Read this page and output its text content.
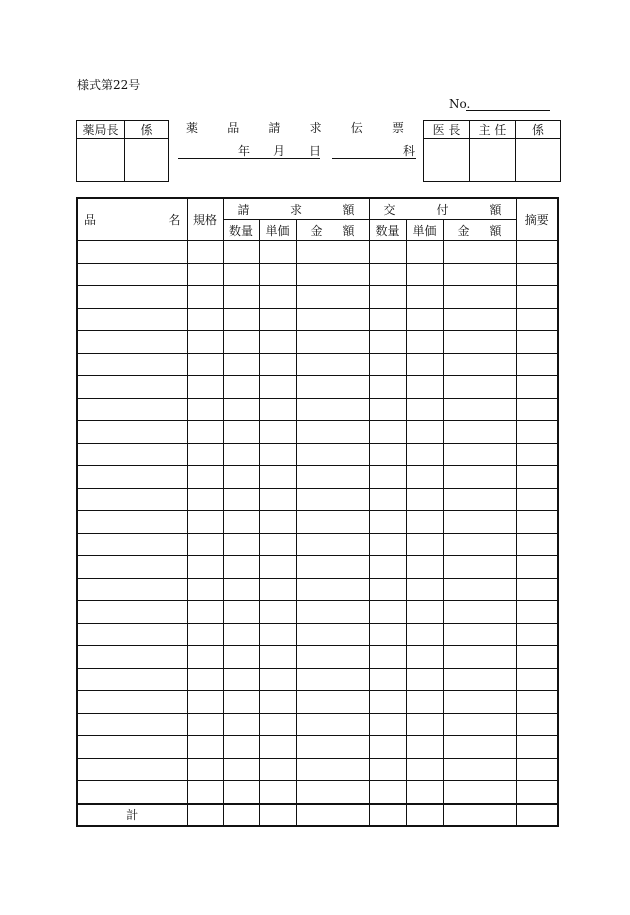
様式第22号
No.
薬局長	係
		薬 品 請 求 伝 票
年 月 日	科
医 長	主 任	係

品 名	規格	請 求 額			交 付 額			摘要
		数量	単価	金 額	数量	単価	金 額	

計								
